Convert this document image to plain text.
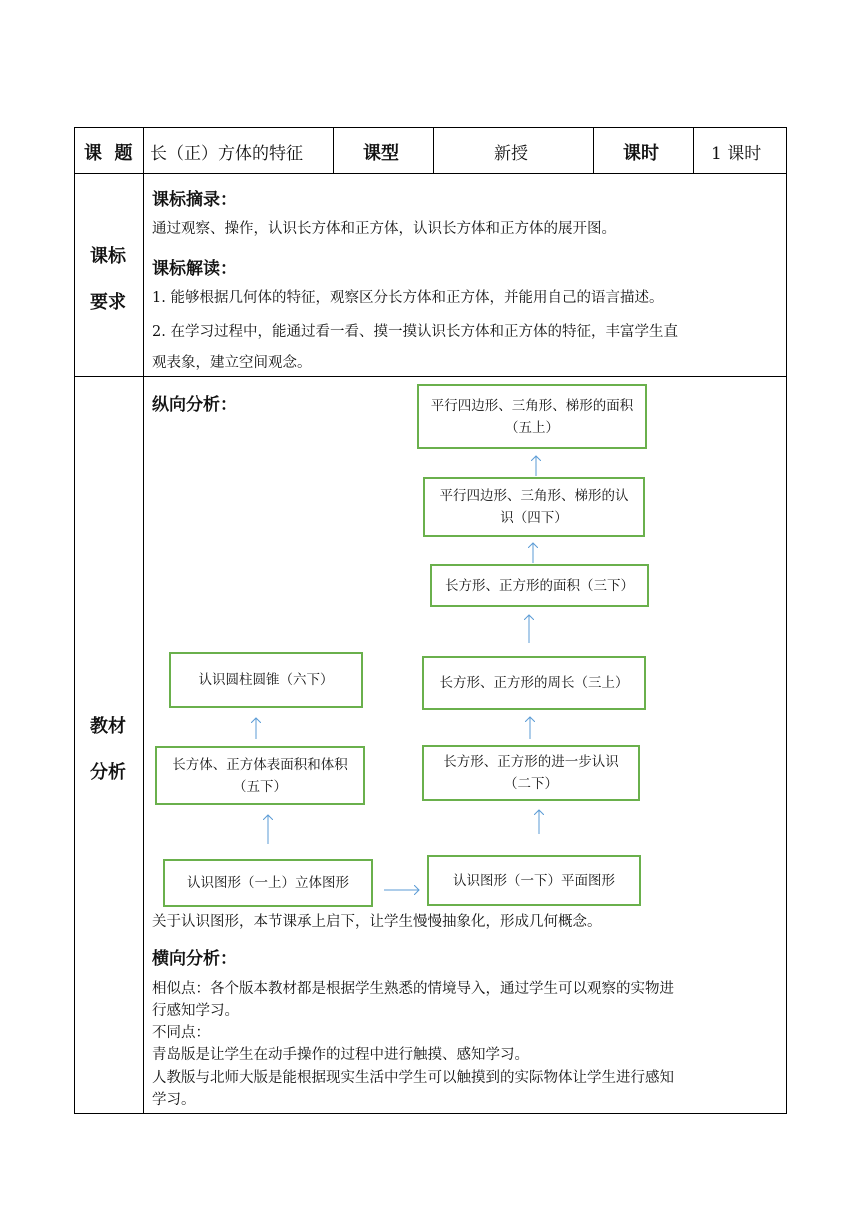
课  题 长（正）方体的特征	课型	新授	课时	1 课时
课标
要求
课标摘录：
通过观察、操作，认识长方体和正方体，认识长方体和正方体的展开图。
课标解读：
1. 能够根据几何体的特征，观察区分长方体和正方体，并能用自己的语言描述。
2. 在学习过程中，能通过看一看、摸一摸认识长方体和正方体的特征，丰富学生直
观表象，建立空间观念。
教材
分析
纵向分析：	平行四边形、三角形、梯形的面积（五上）
平行四边形、三角形、梯形的认识（四下）
长方形、正方形的面积（三下）
长方形、正方形的周长（三上）
长方形、正方形的进一步认识（二下）
认识图形（一下）平面图形
认识圆柱圆锥（六下）
长方体、正方体表面积和体积（五下）
认识图形（一上）立体图形
关于认识图形，本节课承上启下，让学生慢慢抽象化，形成几何概念。
横向分析：
相似点：各个版本教材都是根据学生熟悉的情境导入，通过学生可以观察的实物进
行感知学习。
不同点：
青岛版是让学生在动手操作的过程中进行触摸、感知学习。
人教版与北师大版是能根据现实生活中学生可以触摸到的实际物体让学生进行感知
学习。
